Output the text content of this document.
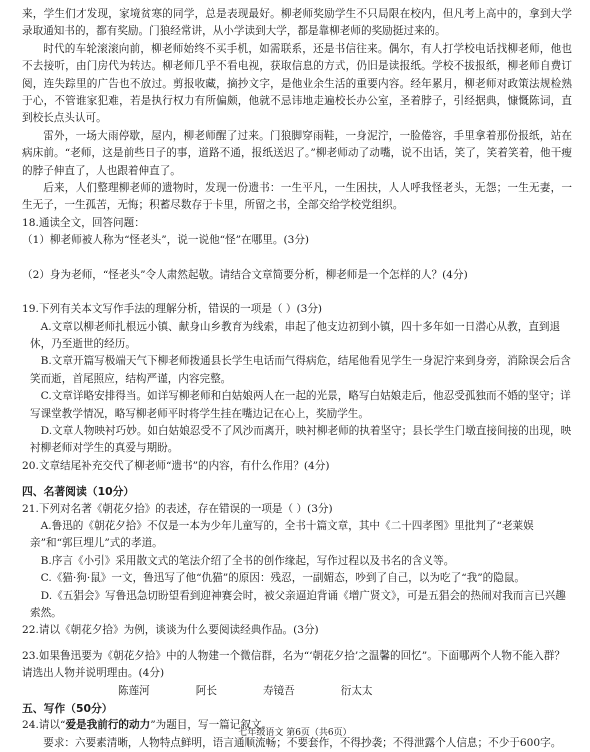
来，学生们才发现，家境贫寒的同学，总是表现最好。柳老师奖励学生不只局限在校内，但凡考上高中的，拿到大学录取通知书的，都有奖励。门狼经常讲，从小学读到大学，都是靠柳老师的奖励挺过来的。

时代的车轮滚滚向前，柳老师始终不买手机，如需联系，还是书信往来。偶尔，有人打学校电话找柳老师，他也不去接听，由门房代为转达。柳老师几乎不看电视，获取信息的方式，仍旧是读报纸。学校不拔报纸，柳老师自费订阅，连失踪里的广告也不放过。剪报收藏，摘抄文字，是他业余生活的重要内容。经年累月，柳老师对政策法规检熟于心，不管谁家犯难，若是执行权力有所偏颇，他就不忌讳地走遍校长办公室，圣着脖子，引经据典，慷慨陈词，直到校长点头认可。

雷外，一场大雨停歇，屋内，柳老师醒了过来。门狼脚穿雨鞋，一身泥泞，一脸倦容，手里拿着那份报纸，站在病床前。“老师，这是前些日子的事，道路不通，报纸送迟了。”柳老师动了动嘴，说不出话，笑了，笑着笑着，他干瘦的脖子伸直了，人也跟着伸直了。

后来，人们整理柳老师的遗物时，发现一份遗书：一生平凡，一生困扶，人人呼我怪老头，无怨；一生无妻，一生无子，一生孤苦，无悔；积蓄尽数存于卡里，所留之书，全部交给学校党组织。

18.通读全文，回答问题：

（1）柳老师被人称为“怪老头”，说一说他“怪”在哪里。(3分)

（2）身为老师，“怪老头”令人肃然起敬。请结合文章简要分析，柳老师是一个怎样的人？(4分)

19.下列有关本文写作手法的理解分析，错误的一项是（ ）(3分)

A.文章以柳老师扎根远小镇、献身山乡教育为线索，串起了他支边初到小镇，四十多年如一日潜心从教，直到退休，乃至逝世的经历。

B.文章开篇写极端天气下柳老师拨通县长学生电话而气得病危，结尾他看见学生一身泥泞来到身旁，消除误会后含笑而逝，首尾照应，结构严谨，内容完整。

C.文章详略安排得当。如详写柳老师和白姑娘两人在一起的光景，略写白姑娘走后，他忍受孤独而不婚的坚守；详写课堂教学情况，略写柳老师平时将学生挂在嘴边记在心上，奖励学生。

D.文章人物映衬巧妙。如白姑娘忍受不了风沙而离开，映衬柳老师的执着坚守；县长学生门墩直接间接的出现，映衬柳老师对学生的真爱与期盼。

20.文章结尾补充交代了柳老师“遗书”的内容，有什么作用？(4分)

四、名著阅读（10分）

21.下列对名著《朝花夕拾》的表述，存在错误的一项是（ ）(3分)

A.鲁迅的《朝花夕拾》不仅是一本为少年儿童写的，全书十篇文章，其中《二十四孝图》里批判了“老莱娱亲”和“郭巨埋儿”式的孝道。

B.序言《小引》采用散文式的笔法介绍了全书的创作缘起，写作过程以及书名的含义等。

C.《猫·狗·鼠》一文，鲁迅写了他“仇猫”的原因：残忍，一副媚态，吵到了自己，以为吃了“我”的隐鼠。

D.《五猖会》写鲁迅急切盼望看到迎神赛会时，被父亲逼迫背诵《增广贤文》，可是五猖会的热闹对我而言已兴趣索然。

22.请以《朝花夕拾》为例，谈谈为什么要阅读经典作品。(3分)

23.如果鲁迅要为《朝花夕拾》中的人物建一个微信群，名为“‘朝花夕拾’之温馨的回忆”。下面哪两个人物不能入群？请选出人物并说明理由。(4分)

陈莲河	阿长	寿镜吾	衍太太

五、写作（50分）

24.请以“爱是我前行的动力”为题目，写一篇记叙文。

要求：六要素清晰，人物特点鲜明，语言通顺流畅；不要套作，不得抄袭；不得泄露个人信息；不少于600字。

七年级语文 第6页（共6页）
